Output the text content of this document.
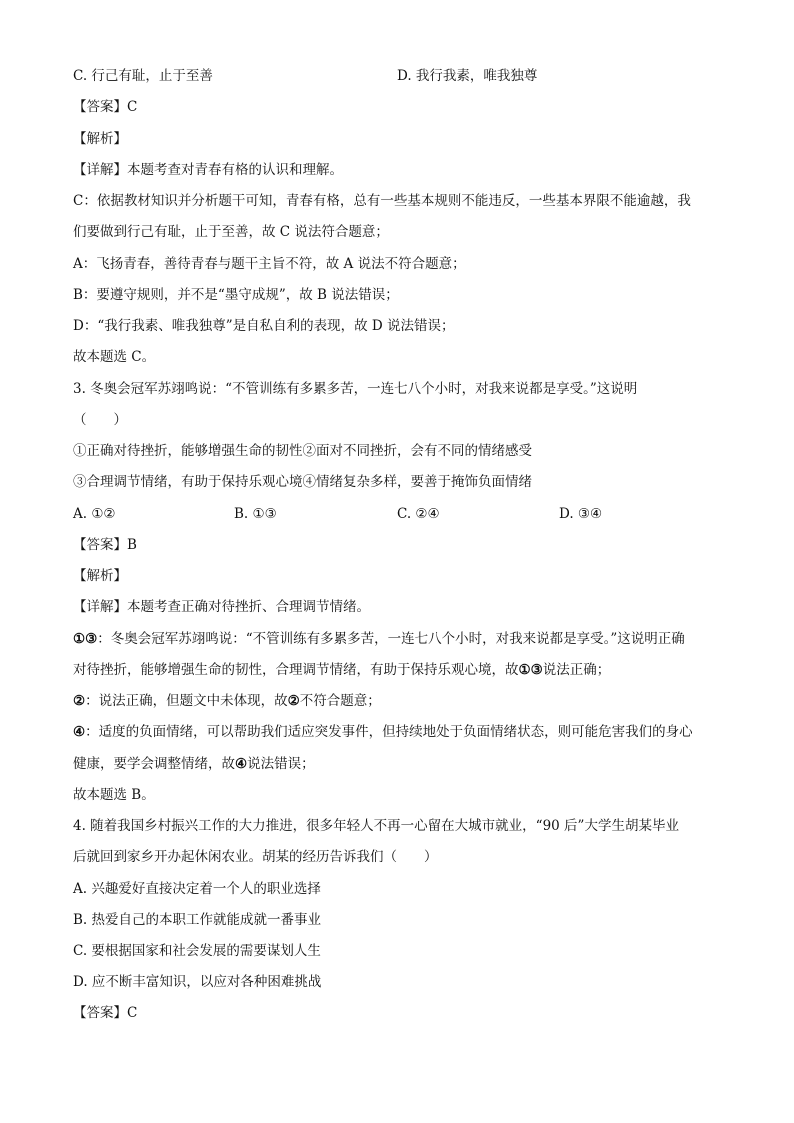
C. 行己有耻，止于至善	D. 我行我素，唯我独尊
【答案】C
【解析】
【详解】本题考查对青春有格的认识和理解。
C：依据教材知识并分析题干可知，青春有格，总有一些基本规则不能违反，一些基本界限不能逾越，我
们要做到行己有耻，止于至善，故 C 说法符合题意；
A：飞扬青春，善待青春与题干主旨不符，故 A 说法不符合题意；
B：要遵守规则，并不是“墨守成规”，故 B 说法错误；
D：“我行我素、唯我独尊”是自私自利的表现，故 D 说法错误；
故本题选 C。
3. 冬奥会冠军苏翊鸣说：“不管训练有多累多苦，一连七八个小时，对我来说都是享受。”这说明
（　　）
①正确对待挫折，能够增强生命的韧性②面对不同挫折，会有不同的情绪感受
③合理调节情绪，有助于保持乐观心境④情绪复杂多样，要善于掩饰负面情绪
A. ①②	B. ①③	C. ②④	D. ③④
【答案】B
【解析】
【详解】本题考查正确对待挫折、合理调节情绪。
①③：冬奥会冠军苏翊鸣说：“不管训练有多累多苦，一连七八个小时，对我来说都是享受。”这说明正确
对待挫折，能够增强生命的韧性，合理调节情绪，有助于保持乐观心境，故①③说法正确；
②：说法正确，但题文中未体现，故②不符合题意；
④：适度的负面情绪，可以帮助我们适应突发事件，但持续地处于负面情绪状态，则可能危害我们的身心
健康，要学会调整情绪，故④说法错误；
故本题选 B。
4. 随着我国乡村振兴工作的大力推进，很多年轻人不再一心留在大城市就业，“90 后”大学生胡某毕业
后就回到家乡开办起休闲农业。胡某的经历告诉我们（　　）
A. 兴趣爱好直接决定着一个人的职业选择
B. 热爱自己的本职工作就能成就一番事业
C. 要根据国家和社会发展的需要谋划人生
D. 应不断丰富知识，以应对各种困难挑战
【答案】C
